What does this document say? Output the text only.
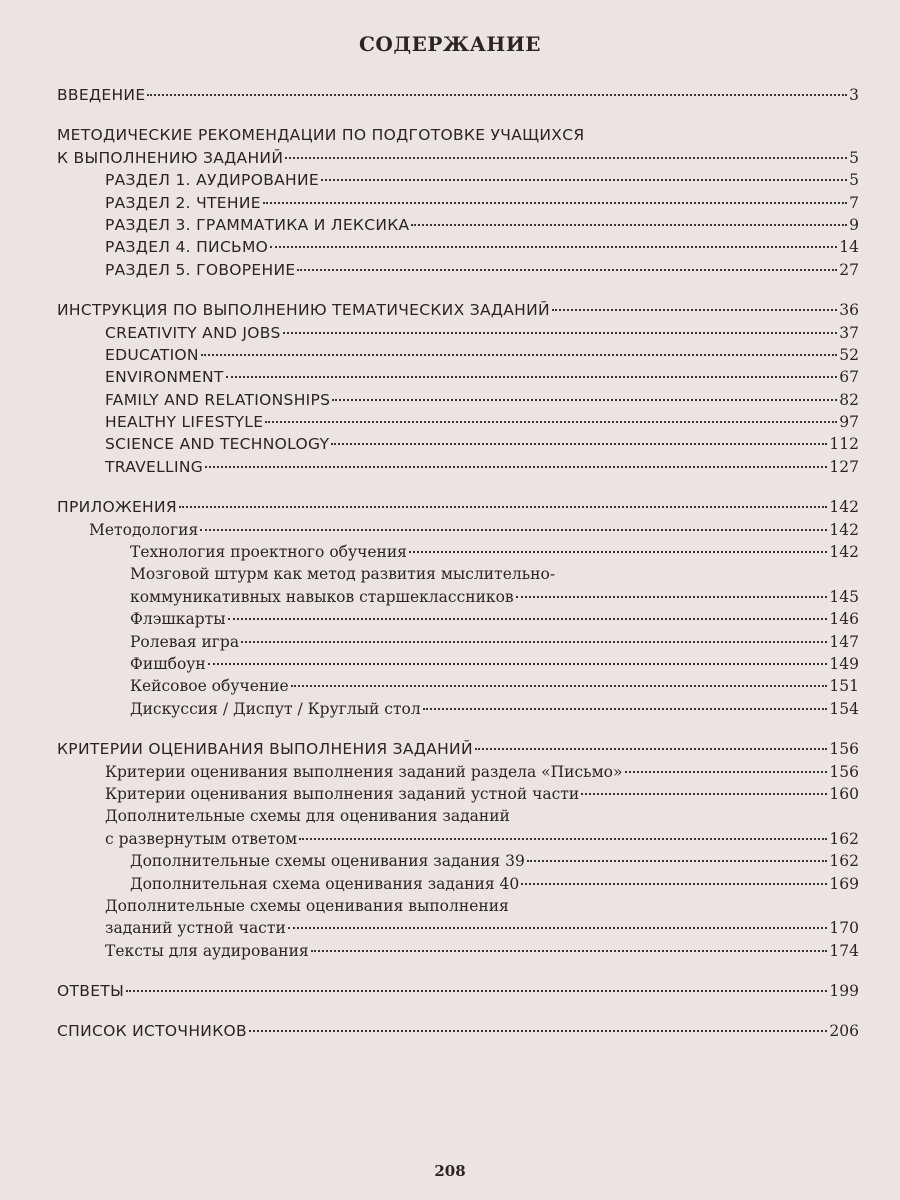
СОДЕРЖАНИЕ
ВВЕДЕНИЕ	3
МЕТОДИЧЕСКИЕ РЕКОМЕНДАЦИИ ПО ПОДГОТОВКЕ УЧАЩИХСЯ
К ВЫПОЛНЕНИЮ ЗАДАНИЙ	5
РАЗДЕЛ 1. АУДИРОВАНИЕ	5
РАЗДЕЛ 2. ЧТЕНИЕ	7
РАЗДЕЛ 3. ГРАММАТИКА И ЛЕКСИКА	9
РАЗДЕЛ 4. ПИСЬМО	14
РАЗДЕЛ 5. ГОВОРЕНИЕ	27
ИНСТРУКЦИЯ ПО ВЫПОЛНЕНИЮ ТЕМАТИЧЕСКИХ ЗАДАНИЙ	36
CREATIVITY AND JOBS	37
EDUCATION	52
ENVIRONMENT	67
FAMILY AND RELATIONSHIPS	82
HEALTHY LIFESTYLE	97
SCIENCE AND TECHNOLOGY	112
TRAVELLING	127
ПРИЛОЖЕНИЯ	142
Методология	142
Технология проектного обучения	142
Мозговой штурм как метод развития мыслительно-
коммуникативных навыков старшеклассников	145
Флэшкарты	146
Ролевая игра	147
Фишбоун	149
Кейсовое обучение	151
Дискуссия / Диспут / Круглый стол	154
КРИТЕРИИ ОЦЕНИВАНИЯ ВЫПОЛНЕНИЯ ЗАДАНИЙ	156
Критерии оценивания выполнения заданий раздела «Письмо»	156
Критерии оценивания выполнения заданий устной части	160
Дополнительные схемы для оценивания заданий
с развернутым ответом	162
Дополнительные схемы оценивания задания 39	162
Дополнительная схема оценивания задания 40	169
Дополнительные схемы оценивания выполнения
заданий устной части	170
Тексты для аудирования	174
ОТВЕТЫ	199
СПИСОК ИСТОЧНИКОВ	206
208
